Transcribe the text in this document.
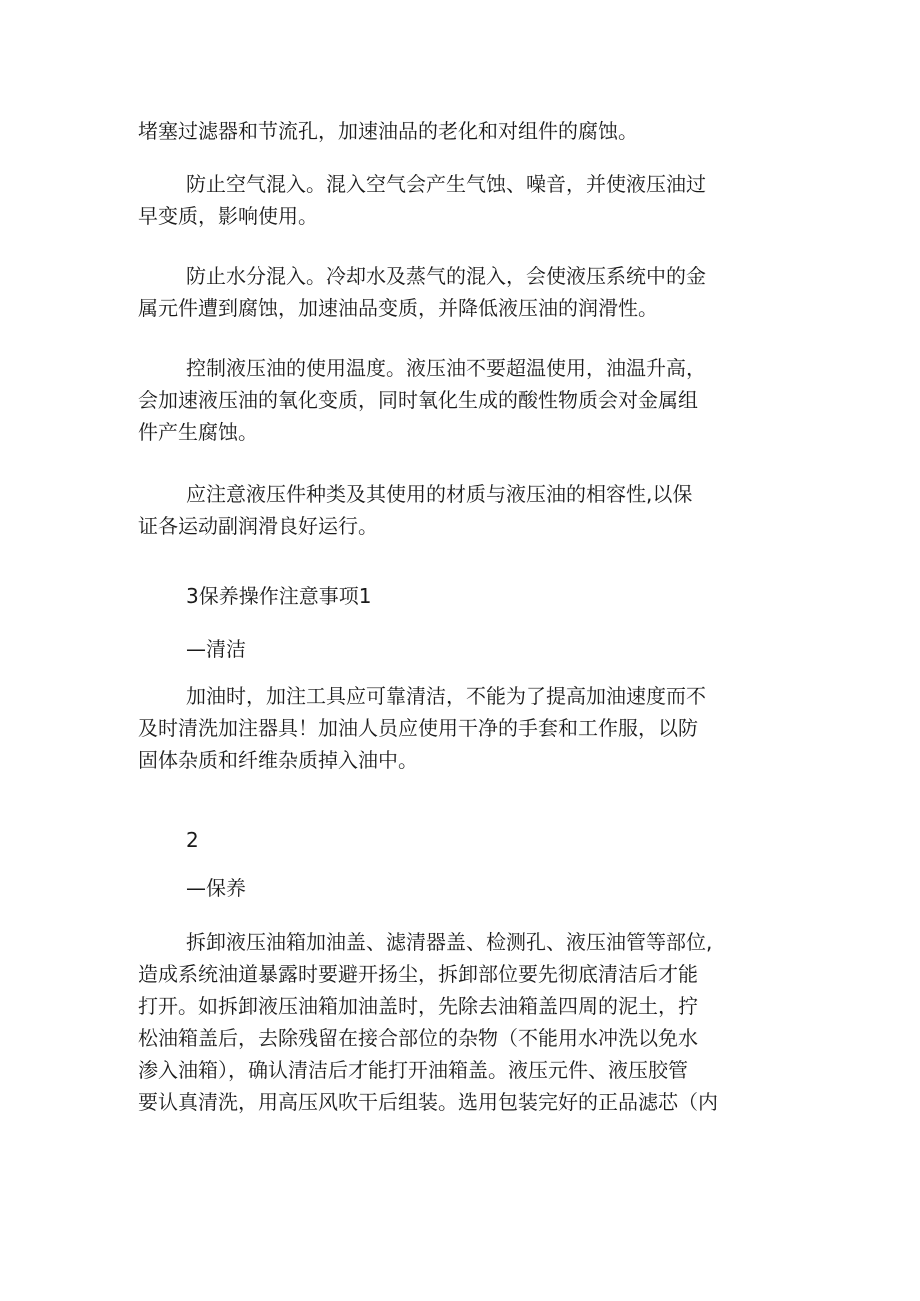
堵塞过滤器和节流孔，加速油品的老化和对组件的腐蚀。
防止空气混入。混入空气会产生气蚀、噪音，并使液压油过
早变质，影响使用。
防止水分混入。冷却水及蒸气的混入，会使液压系统中的金
属元件遭到腐蚀，加速油品变质，并降低液压油的润滑性。
控制液压油的使用温度。液压油不要超温使用，油温升高，
会加速液压油的氧化变质，同时氧化生成的酸性物质会对金属组
件产生腐蚀。
应注意液压件种类及其使用的材质与液压油的相容性,以保
证各运动副润滑良好运行。
3保养操作注意事项1
—清洁
加油时，加注工具应可靠清洁，不能为了提高加油速度而不
及时清洗加注器具！加油人员应使用干净的手套和工作服，以防
固体杂质和纤维杂质掉入油中。
2
—保养
拆卸液压油箱加油盖、滤清器盖、检测孔、液压油管等部位,
造成系统油道暴露时要避开扬尘，拆卸部位要先彻底清洁后才能
打开。如拆卸液压油箱加油盖时，先除去油箱盖四周的泥土，拧
松油箱盖后，去除残留在接合部位的杂物（不能用水冲洗以免水
渗入油箱），确认清洁后才能打开油箱盖。液压元件、液压胶管
要认真清洗，用高压风吹干后组装。选用包装完好的正品滤芯（内
